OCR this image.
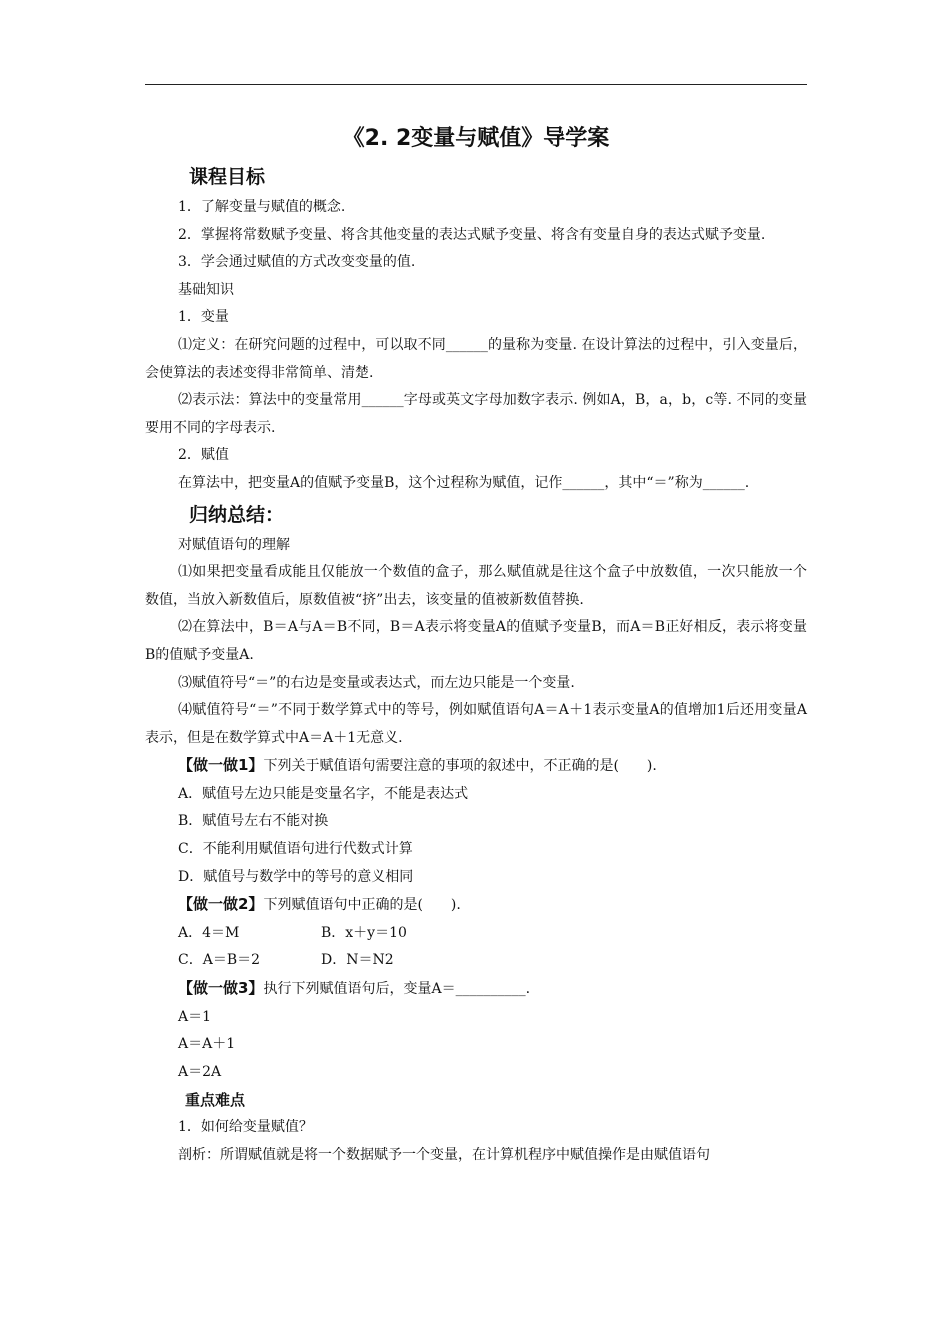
《2. 2变量与赋值》导学案
课程目标

1．了解变量与赋值的概念.

2．掌握将常数赋予变量、将含其他变量的表达式赋予变量、将含有变量自身的表达式赋予变量.

3．学会通过赋值的方式改变变量的值.

基础知识

1．变量

⑴定义：在研究问题的过程中，可以取不同______的量称为变量. 在设计算法的过程中，引入变量后，会使算法的表述变得非常简单、清楚.

⑵表示法：算法中的变量常用______字母或英文字母加数字表示. 例如A，B，a，b，c等. 不同的变量要用不同的字母表示.

2．赋值

在算法中，把变量A的值赋予变量B，这个过程称为赋值，记作______，其中“＝”称为______.

归纳总结：

对赋值语句的理解

⑴如果把变量看成能且仅能放一个数值的盒子，那么赋值就是往这个盒子中放数值，一次只能放一个数值，当放入新数值后，原数值被“挤”出去，该变量的值被新数值替换.

⑵在算法中，B＝A与A＝B不同，B＝A表示将变量A的值赋予变量B，而A＝B正好相反，表示将变量B的值赋予变量A.

⑶赋值符号“＝”的右边是变量或表达式，而左边只能是一个变量.

⑷赋值符号“＝”不同于数学算式中的等号，例如赋值语句A＝A＋1表示变量A的值增加1后还用变量A表示，但是在数学算式中A＝A＋1无意义.

【做一做1】下列关于赋值语句需要注意的事项的叙述中，不正确的是(　　).

A．赋值号左边只能是变量名字，不能是表达式

B．赋值号左右不能对换

C．不能利用赋值语句进行代数式计算

D．赋值号与数学中的等号的意义相同

【做一做2】下列赋值语句中正确的是(　　).

A．4＝M	B．x＋y＝10
C．A＝B＝2	D．N＝N2

【做一做3】执行下列赋值语句后，变量A＝__________.

A＝1
A＝A＋1
A＝2A
重点难点

1．如何给变量赋值？

剖析：所谓赋值就是将一个数据赋予一个变量，在计算机程序中赋值操作是由赋值语句
